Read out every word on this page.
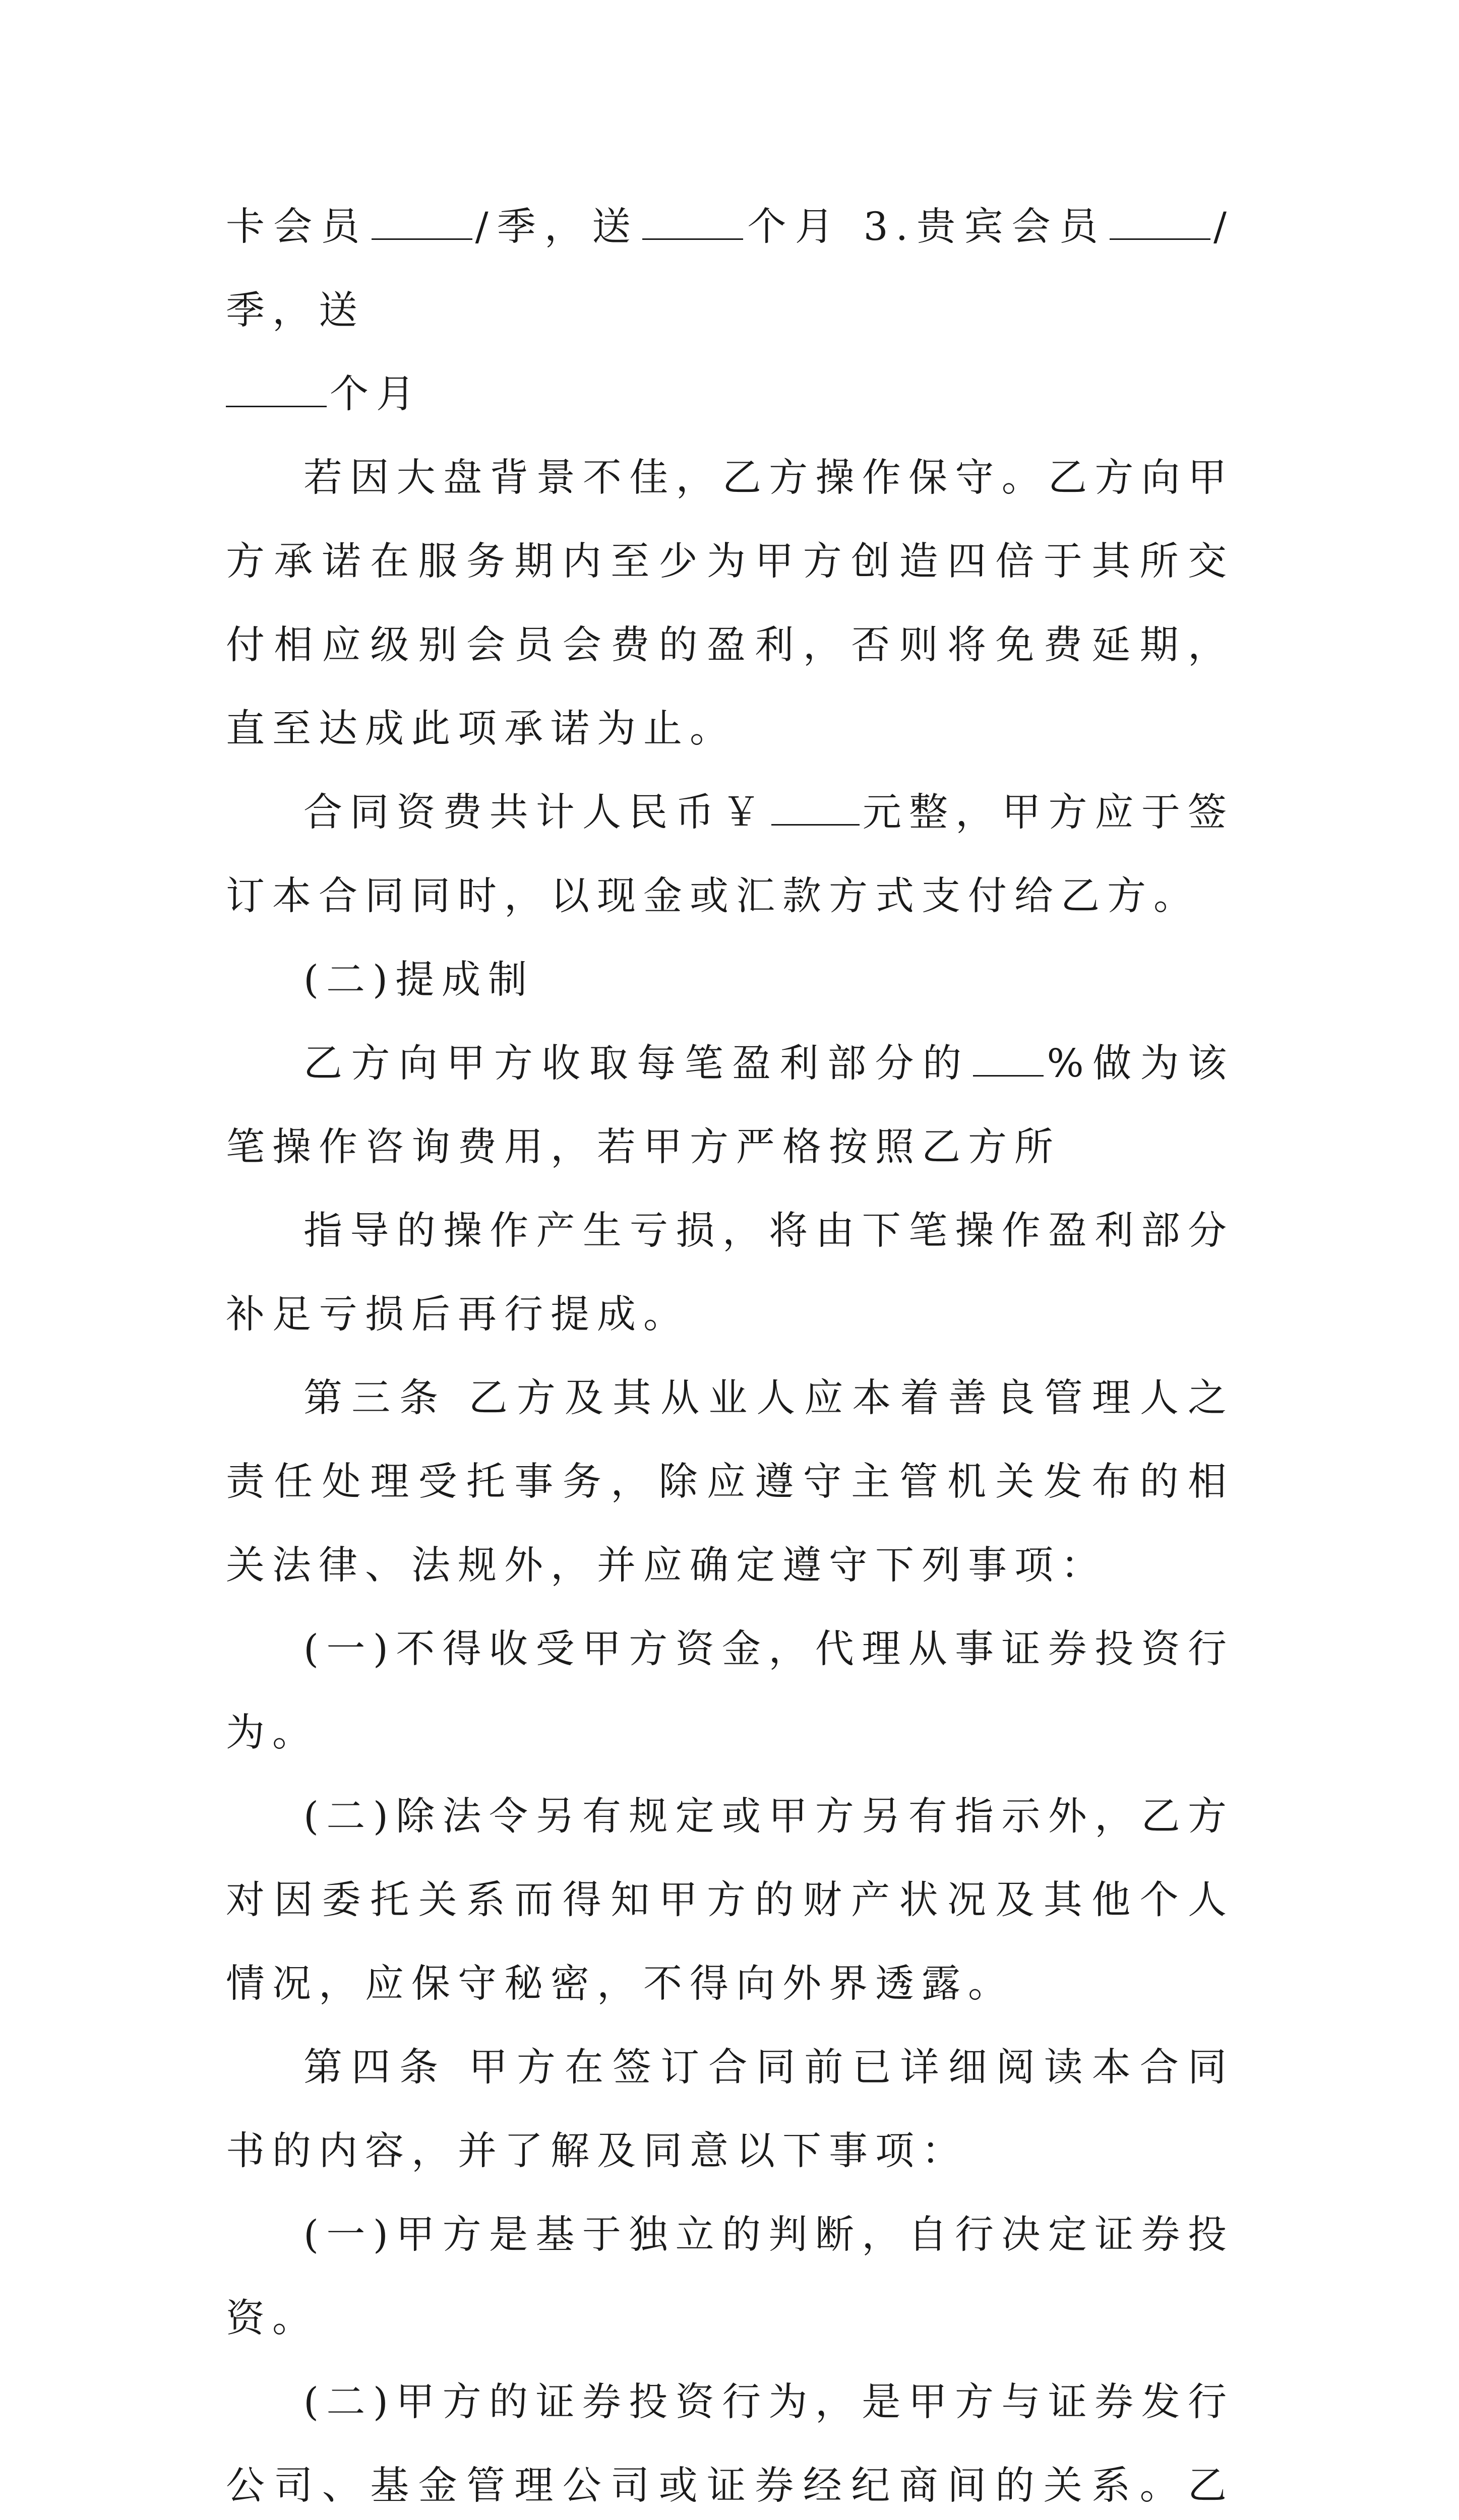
卡会员	/季，送	个月 3.贵宾会员	/季，送
个月

若因大盘背景不佳，乙方操作保守。乙方向甲方承诺在服务期内至少为甲方创造四倍于其所交付相应级别会员会费的盈利，否则将免费延期，直至达成此项承诺为止。

合同资费共计人民币￥ 元整，甲方应于签订本合同同时，以现金或汇款方式支付给乙方。

(二)提成制

乙方向甲方收取每笔盈利部分的 %做为该笔操作咨询费用，若甲方严格按照乙方所

指导的操作产生亏损，将由下笔操作盈利部分补足亏损后再行提成。

第三条 乙方及其从业人应本着善良管理人之责任处理受托事务，除应遵守主管机关发布的相关法律、法规外，并应确定遵守下列事项：

(一)不得收受甲方资金，代理从事证券投资行为。

(二)除法令另有规定或甲方另有指示外，乙方对因委托关系而得知甲方的财产状况及其他个人情况，应保守秘密，不得向外界透露。

第四条 甲方在签订合同前已详细阅读本合同书的内容，并了解及同意以下事项：

(一)甲方是基于独立的判断，自行决定证券投资。

(二)甲方的证券投资行为，是甲方与证券发行公司、基金管理公司或证券经纪商间的关系。乙
